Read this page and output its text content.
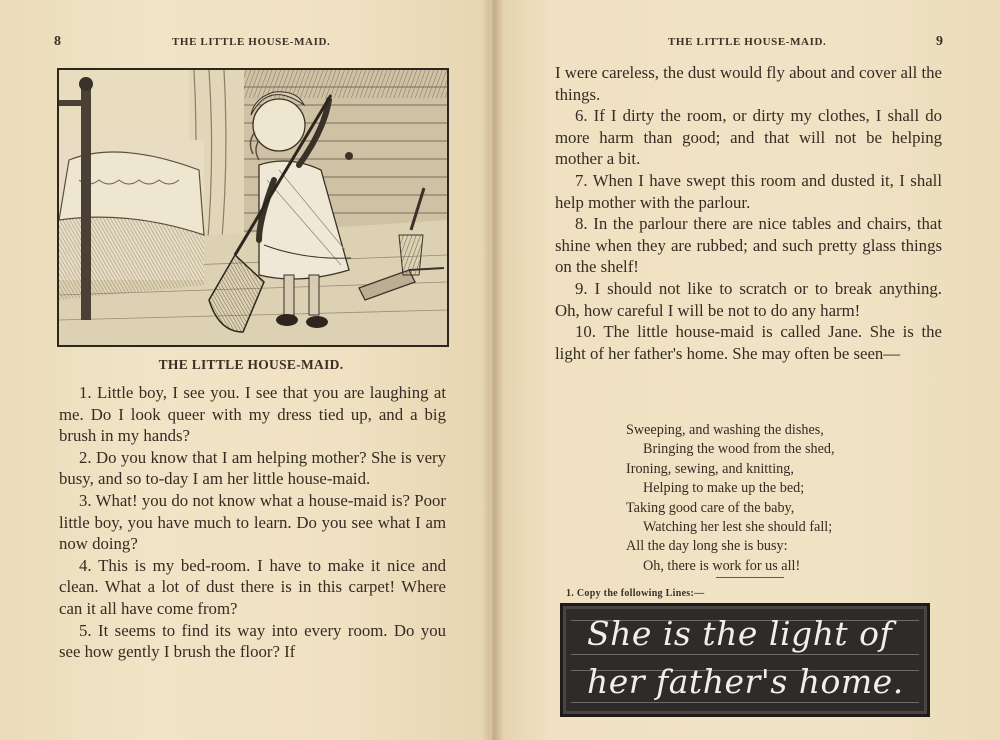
8	THE LITTLE HOUSE-MAID.
THE LITTLE HOUSE-MAID.

1. Little boy, I see you. I see that you are laughing at me. Do I look queer with my dress tied up, and a big brush in my hands?

2. Do you know that I am helping mother? She is very busy, and so to-day I am her little house-maid.

3. What! you do not know what a house-maid is? Poor little boy, you have much to learn. Do you see what I am now doing?

4. This is my bed-room. I have to make it nice and clean. What a lot of dust there is in this carpet! Where can it all have come from?

5. It seems to find its way into every room. Do you see how gently I brush the floor? If

THE LITTLE HOUSE-MAID.	9

I were careless, the dust would fly about and cover all the things.

6. If I dirty the room, or dirty my clothes, I shall do more harm than good; and that will not be helping mother a bit.

7. When I have swept this room and dusted it, I shall help mother with the parlour.

8. In the parlour there are nice tables and chairs, that shine when they are rubbed; and such pretty glass things on the shelf!

9. I should not like to scratch or to break anything. Oh, how careful I will be not to do any harm!

10. The little house-maid is called Jane. She is the light of her father's home. She may often be seen—

Sweeping, and washing the dishes,
Bringing the wood from the shed,
Ironing, sewing, and knitting,
Helping to make up the bed;
Taking good care of the baby,
Watching her lest she should fall;
All the day long she is busy:
Oh, there is work for us all!
1. Copy the following Lines:—
She is the light of
her father's home.
